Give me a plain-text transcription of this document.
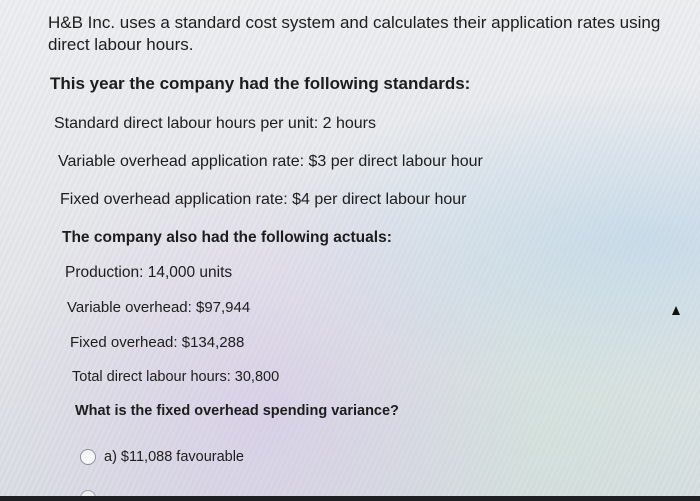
H&B Inc. uses a standard cost system and calculates their application rates using direct labour hours.

This year the company had the following standards:

Standard direct labour hours per unit: 2 hours

Variable overhead application rate: $3 per direct labour hour

Fixed overhead application rate: $4 per direct labour hour

The company also had the following actuals:

Production: 14,000 units

Variable overhead: $97,944

Fixed overhead: $134,288

Total direct labour hours: 30,800

What is the fixed overhead spending variance?

a) $11,088 favourable
